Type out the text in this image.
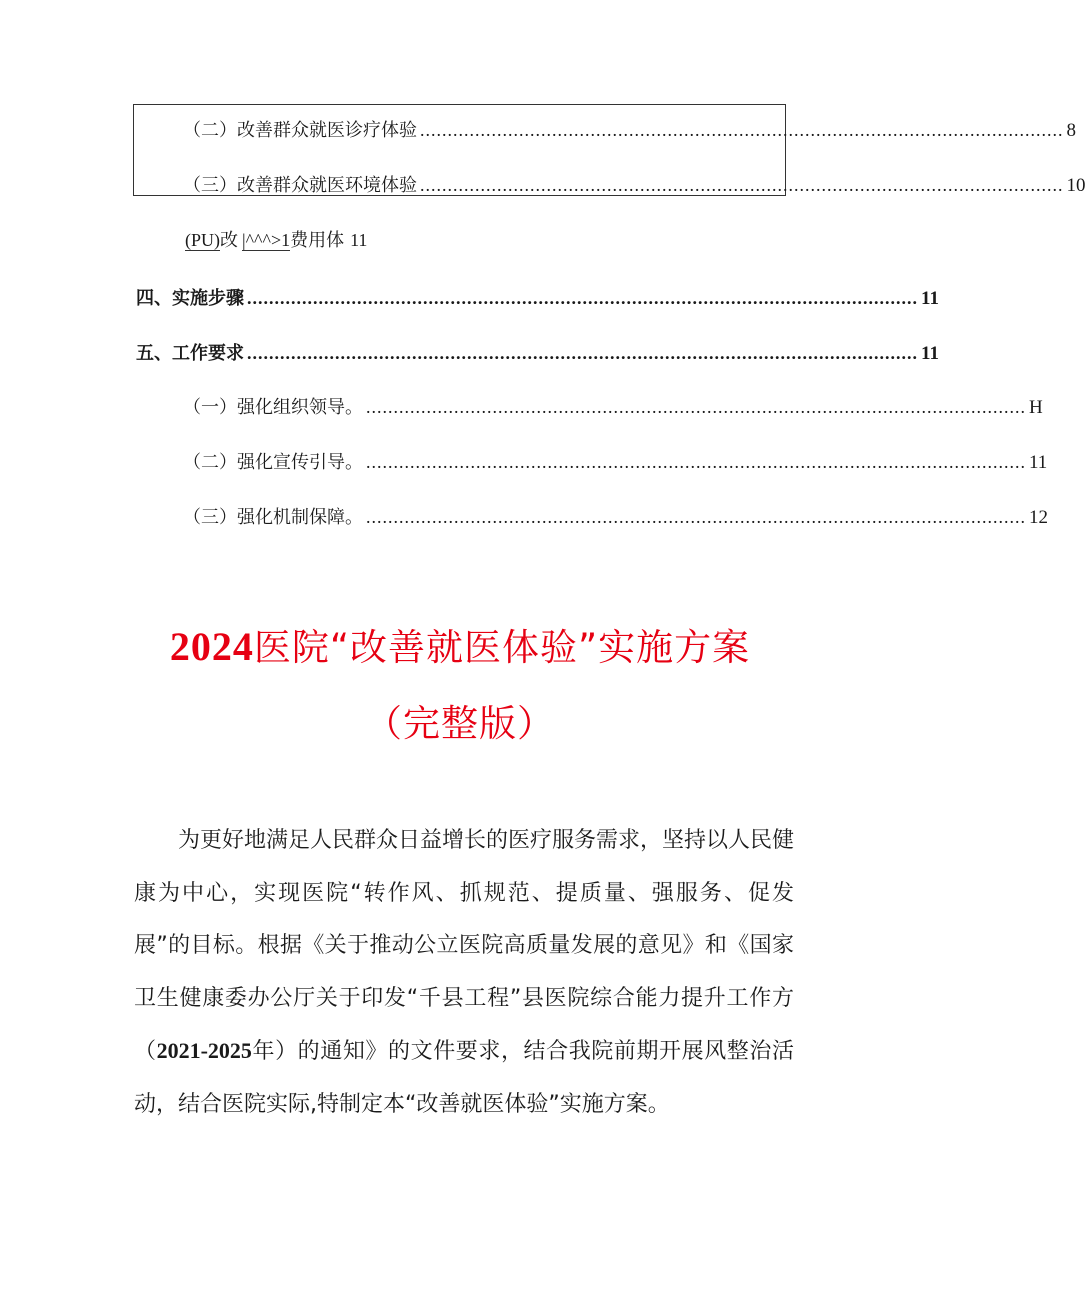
（二）改善群众就医诊疗体验 ..................................................................................................................... 8
（三）改善群众就医环境体验 ..................................................................................................................... 10
(PU)改 |^^^>1费用体 11
四、实施步骤 .......................................................................................................................... 11
五、工作要求 .......................................................................................................................... 11
（一）强化组织领导。 ........................................................................................................................ H
（二）强化宣传引导。 ........................................................................................................................ 11
（三）强化机制保障。 ........................................................................................................................ 12
2024医院“改善就医体验”实施方案
（完整版）
为更好地满足人民群众日益增长的医疗服务需求，坚持以人民健康为中心，实现医院“转作风、抓规范、提质量、强服务、促发展”的目标。根据《关于推动公立医院高质量发展的意见》和《国家卫生健康委办公厅关于印发“千县工程”县医院综合能力提升工作方（2021-2025年）的通知》的文件要求，结合我院前期开展风整治活动，结合医院实际,特制定本“改善就医体验”实施方案。
